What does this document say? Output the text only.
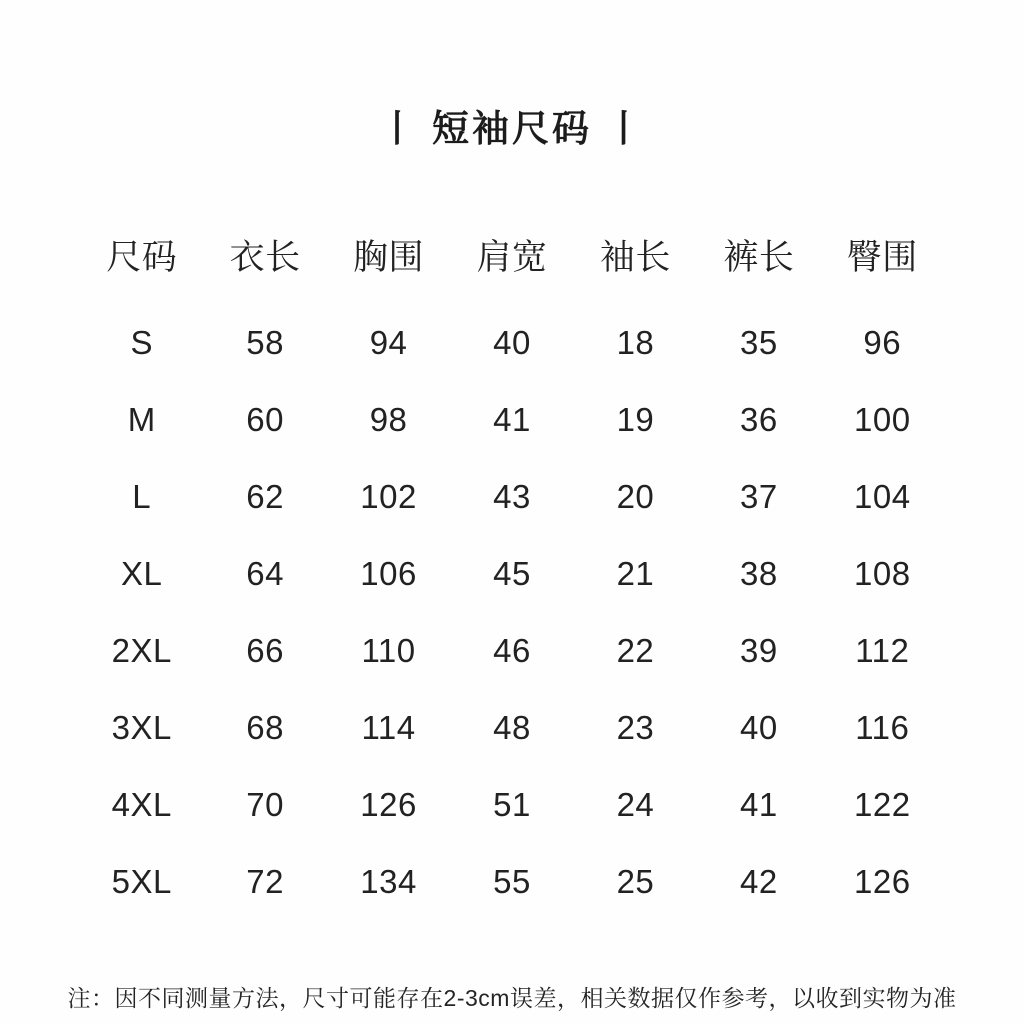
丨 短袖尺码 丨
尺码	衣长	胸围	肩宽	袖长	裤长	臀围
S	58	94	40	18	35	96
M	60	98	41	19	36	100
L	62	102	43	20	37	104
XL	64	106	45	21	38	108
2XL	66	110	46	22	39	112
3XL	68	114	48	23	40	116
4XL	70	126	51	24	41	122
5XL	72	134	55	25	42	126

注：因不同测量方法，尺寸可能存在2-3cm误差，相关数据仅作参考，以收到实物为准
